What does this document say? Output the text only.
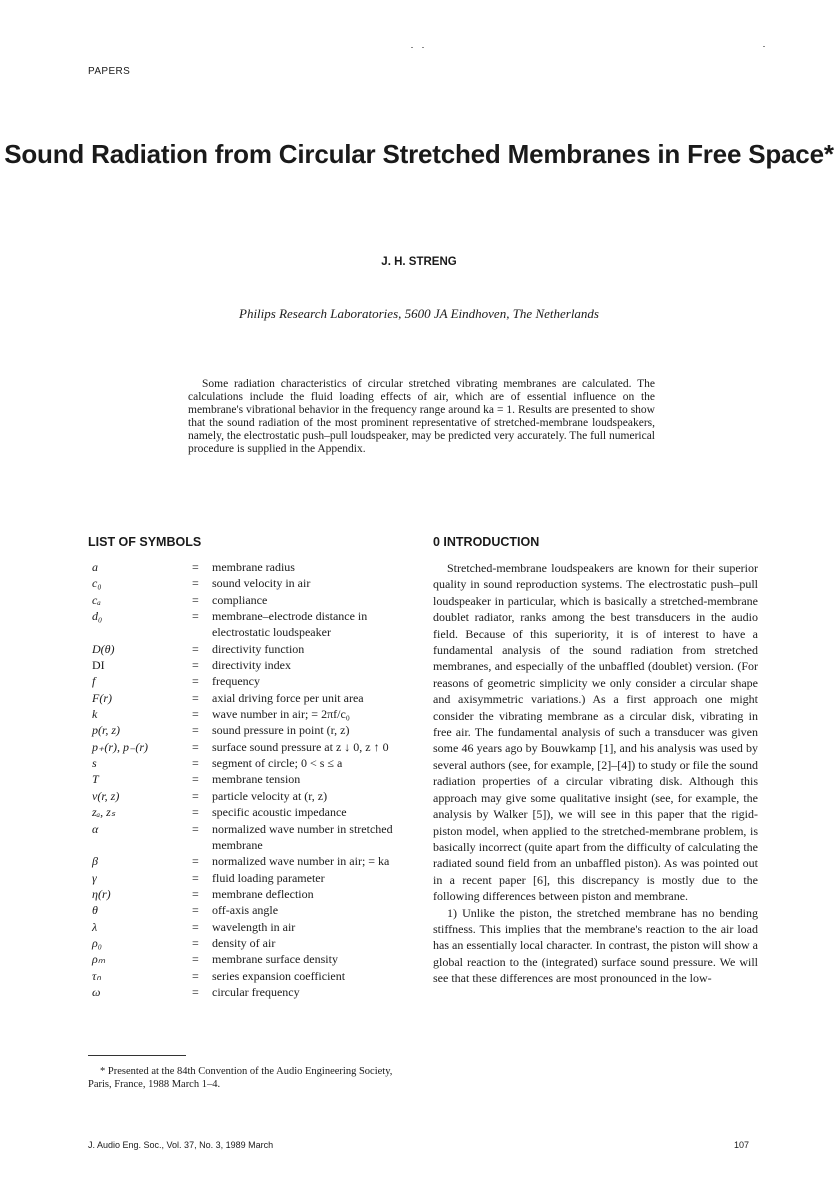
PAPERS
Sound Radiation from Circular Stretched Membranes in Free Space*
J. H. STRENG
Philips Research Laboratories, 5600 JA Eindhoven, The Netherlands

Some radiation characteristics of circular stretched vibrating membranes are calculated. The calculations include the fluid loading effects of air, which are of essential influence on the membrane's vibrational behavior in the frequency range around ka = 1. Results are presented to show that the sound radiation of the most prominent representative of stretched-membrane loudspeakers, namely, the electrostatic push–pull loudspeaker, may be predicted very accurately. The full numerical procedure is supplied in the Appendix.

LIST OF SYMBOLS
a	=	membrane radius
c₀	=	sound velocity in air
cₐ	=	compliance
d₀	=	membrane–electrode distance in electrostatic loudspeaker
D(θ)	=	directivity function
DI	=	directivity index
f	=	frequency
F(r)	=	axial driving force per unit area
k	=	wave number in air; = 2πf/c₀
p(r, z)	=	sound pressure in point (r, z)
p₊(r), p₋(r)	=	surface sound pressure at z ↓ 0, z ↑ 0
s	=	segment of circle; 0 < s ≤ a
T	=	membrane tension
v(r, z)	=	particle velocity at (r, z)
zₐ, zₛ	=	specific acoustic impedance
α	=	normalized wave number in stretched membrane
β	=	normalized wave number in air; = ka
γ	=	fluid loading parameter
η(r)	=	membrane deflection
θ	=	off-axis angle
λ	=	wavelength in air
ρ₀	=	density of air
ρₘ	=	membrane surface density
τₙ	=	series expansion coefficient
ω	=	circular frequency

* Presented at the 84th Convention of the Audio Engineering Society, Paris, France, 1988 March 1–4.

0 INTRODUCTION

Stretched-membrane loudspeakers are known for their superior quality in sound reproduction systems. The electrostatic push–pull loudspeaker in particular, which is basically a stretched-membrane doublet radiator, ranks among the best transducers in the audio field. Because of this superiority, it is of interest to have a fundamental analysis of the sound radiation from stretched membranes, and especially of the unbaffled (doublet) version. (For reasons of geometric simplicity we only consider a circular shape and axisymmetric variations.) As a first approach one might consider the vibrating membrane as a circular disk, vibrating in free air. The fundamental analysis of such a transducer was given some 46 years ago by Bouwkamp [1], and his analysis was used by several authors (see, for example, [2]–[4]) to study or file the sound radiation properties of a circular vibrating disk. Although this approach may give some qualitative insight (see, for example, the analysis by Walker [5]), we will see in this paper that the rigid-piston model, when applied to the stretched-membrane problem, is basically incorrect (quite apart from the difficulty of calculating the radiated sound field from an unbaffled piston). As was pointed out in a recent paper [6], this discrepancy is mostly due to the following differences between piston and membrane.

1) Unlike the piston, the stretched membrane has no bending stiffness. This implies that the membrane's reaction to the air load has an essentially local character. In contrast, the piston will show a global reaction to the (integrated) surface sound pressure. We will see that these differences are most pronounced in the low-

J. Audio Eng. Soc., Vol. 37, No. 3, 1989 March	107
